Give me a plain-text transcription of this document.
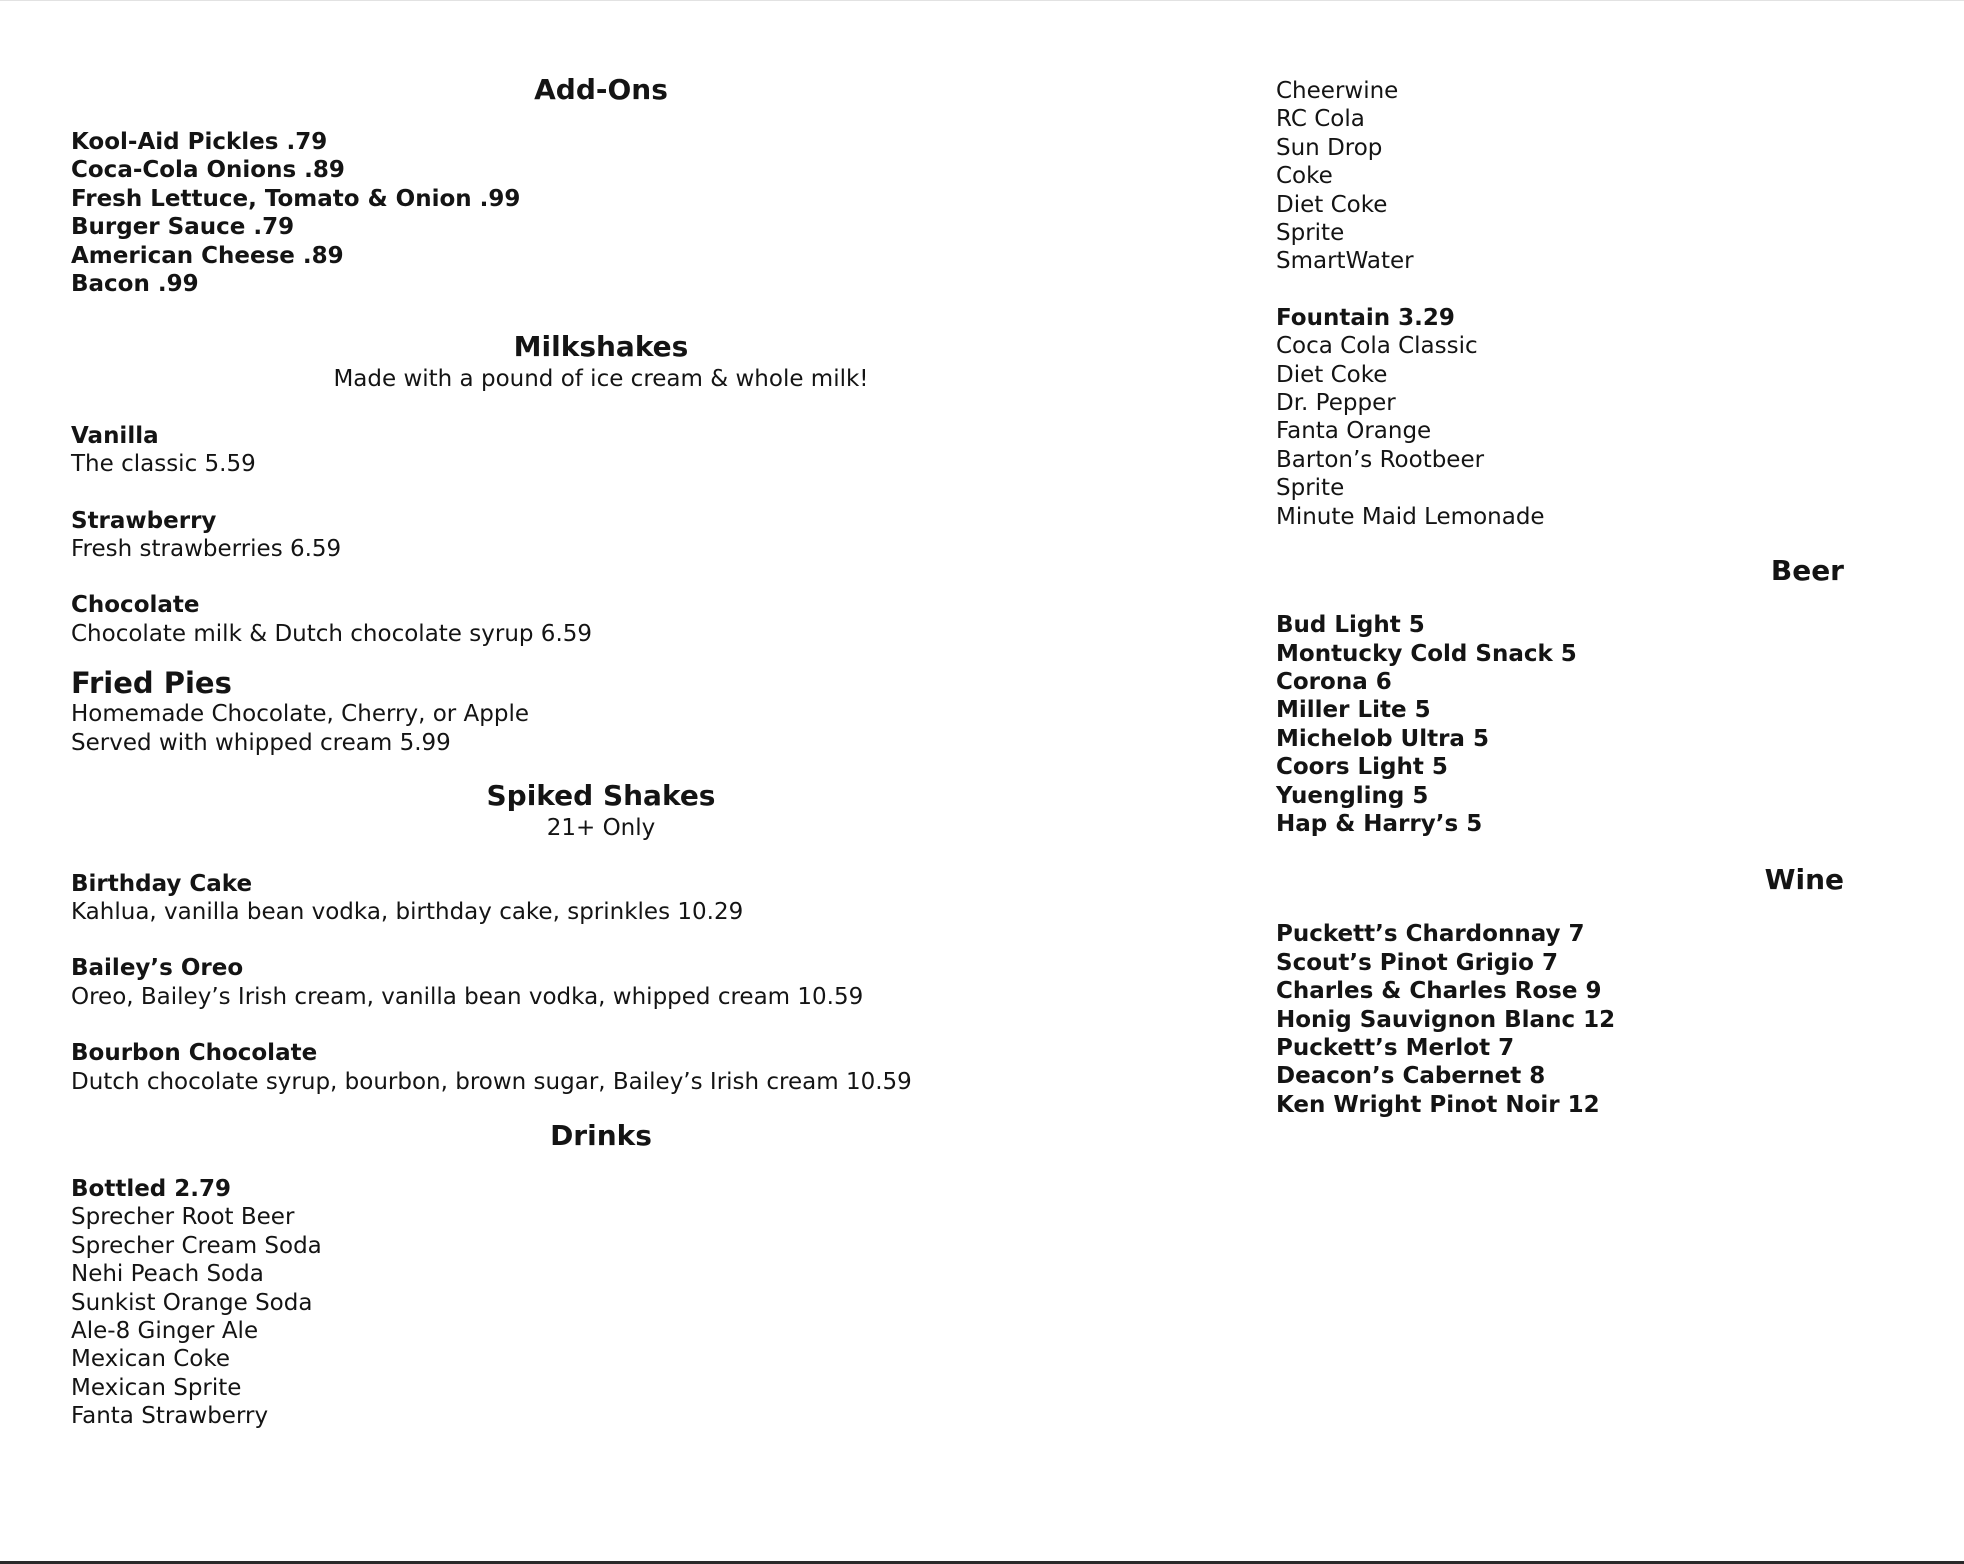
Add-Ons
Kool-Aid Pickles .79
Coca-Cola Onions .89
Fresh Lettuce, Tomato & Onion .99
Burger Sauce .79
American Cheese .89
Bacon .99
Milkshakes
Made with a pound of ice cream & whole milk!
Vanilla
The classic 5.59
Strawberry
Fresh strawberries 6.59
Chocolate
Chocolate milk & Dutch chocolate syrup 6.59
Fried Pies
Homemade Chocolate, Cherry, or Apple
Served with whipped cream 5.99
Spiked Shakes
21+ Only
Birthday Cake
Kahlua, vanilla bean vodka, birthday cake, sprinkles 10.29
Bailey’s Oreo
Oreo, Bailey’s Irish cream, vanilla bean vodka, whipped cream 10.59
Bourbon Chocolate
Dutch chocolate syrup, bourbon, brown sugar, Bailey’s Irish cream 10.59
Drinks
Bottled 2.79
Sprecher Root Beer
Sprecher Cream Soda
Nehi Peach Soda
Sunkist Orange Soda
Ale-8 Ginger Ale
Mexican Coke
Mexican Sprite
Fanta Strawberry
Cheerwine
RC Cola
Sun Drop
Coke
Diet Coke
Sprite
SmartWater
Fountain 3.29
Coca Cola Classic
Diet Coke
Dr. Pepper
Fanta Orange
Barton’s Rootbeer
Sprite
Minute Maid Lemonade
Beer
Bud Light 5
Montucky Cold Snack 5
Corona 6
Miller Lite 5
Michelob Ultra 5
Coors Light 5
Yuengling 5
Hap & Harry’s 5
Wine
Puckett’s Chardonnay 7
Scout’s Pinot Grigio 7
Charles & Charles Rose 9
Honig Sauvignon Blanc 12
Puckett’s Merlot 7
Deacon’s Cabernet 8
Ken Wright Pinot Noir 12
